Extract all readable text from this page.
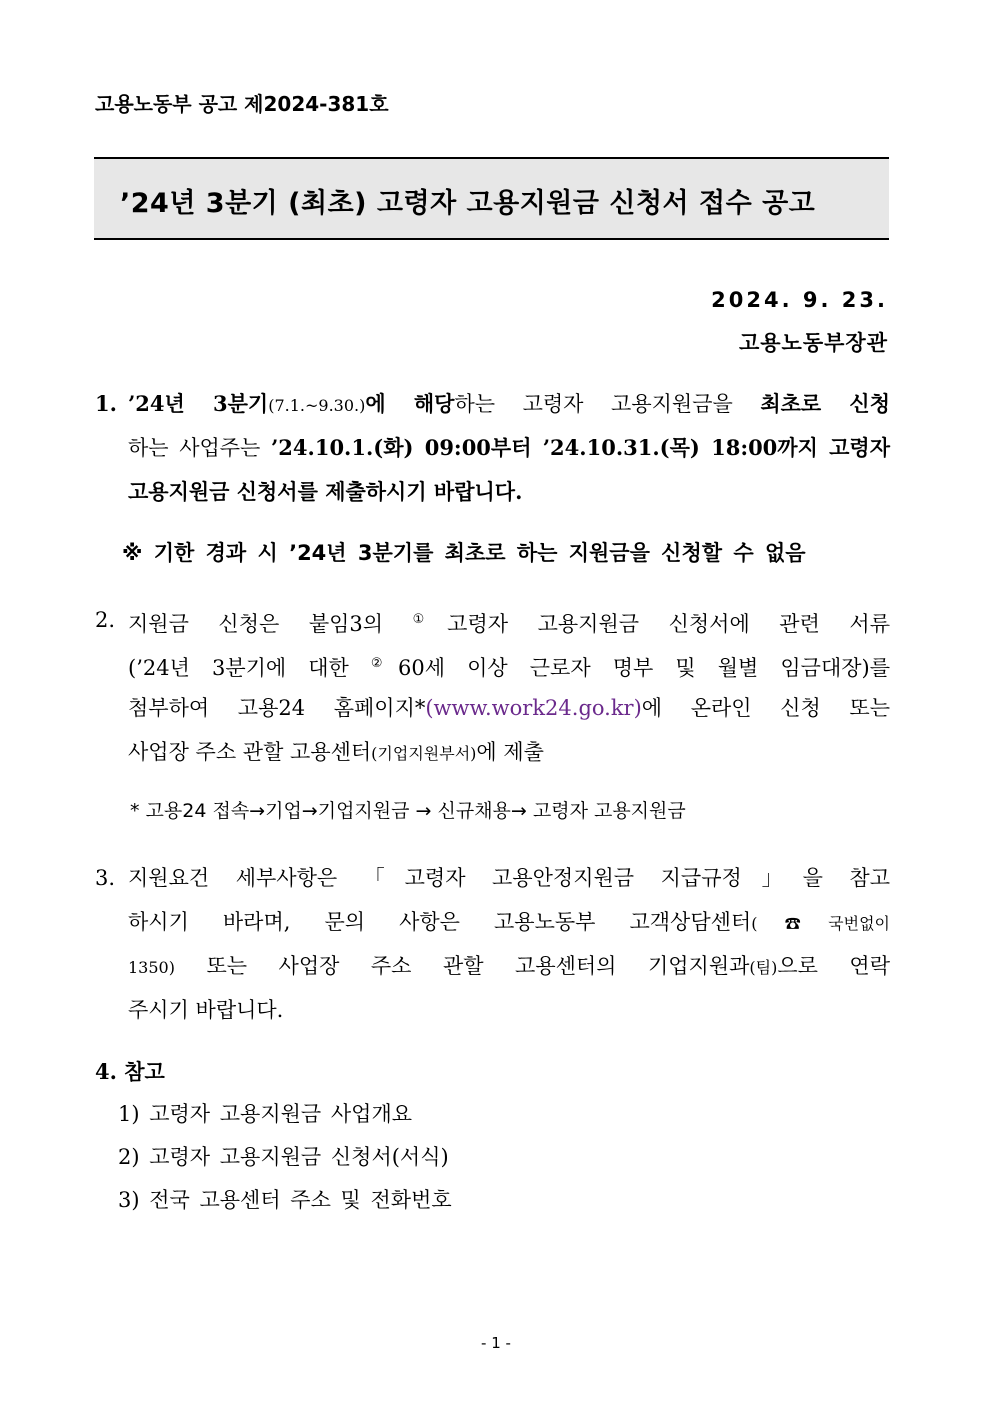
고용노동부 공고 제2024-381호
’24년 3분기 (최초) 고령자 고용지원금 신청서 접수 공고
2024. 9. 23.
고용노동부장관
1. ’24년 3분기(7.1.~9.30.)에 해당하는 고령자 고용지원금을 최초로 신청
하는 사업주는 ’24.10.1.(화) 09:00부터 ’24.10.31.(목) 18:00까지 고령자
고용지원금 신청서를 제출하시기 바랍니다.
※ 기한 경과 시 ’24년 3분기를 최초로 하는 지원금을 신청할 수 없음
2. 지원금 신청은 붙임3의 ①고령자 고용지원금 신청서에 관련 서류
(’24년 3분기에 대한 ②60세 이상 근로자 명부 및 월별 임금대장)를
첨부하여 고용24 홈페이지*(www.work24.go.kr)에 온라인 신청 또는
사업장 주소 관할 고용센터(기업지원부서)에 제출
* 고용24 접속→기업→기업지원금 → 신규채용→ 고령자 고용지원금
3. 지원요건 세부사항은 「고령자 고용안정지원금 지급규정」을 참고
하시기 바라며, 문의 사항은 고용노동부 고객상담센터(☎국번없이
1350) 또는 사업장 주소 관할 고용센터의 기업지원과(팀)으로 연락
주시기 바랍니다.
4. 참고
1) 고령자 고용지원금 사업개요
2) 고령자 고용지원금 신청서(서식)
3) 전국 고용센터 주소 및 전화번호
- 1 -
